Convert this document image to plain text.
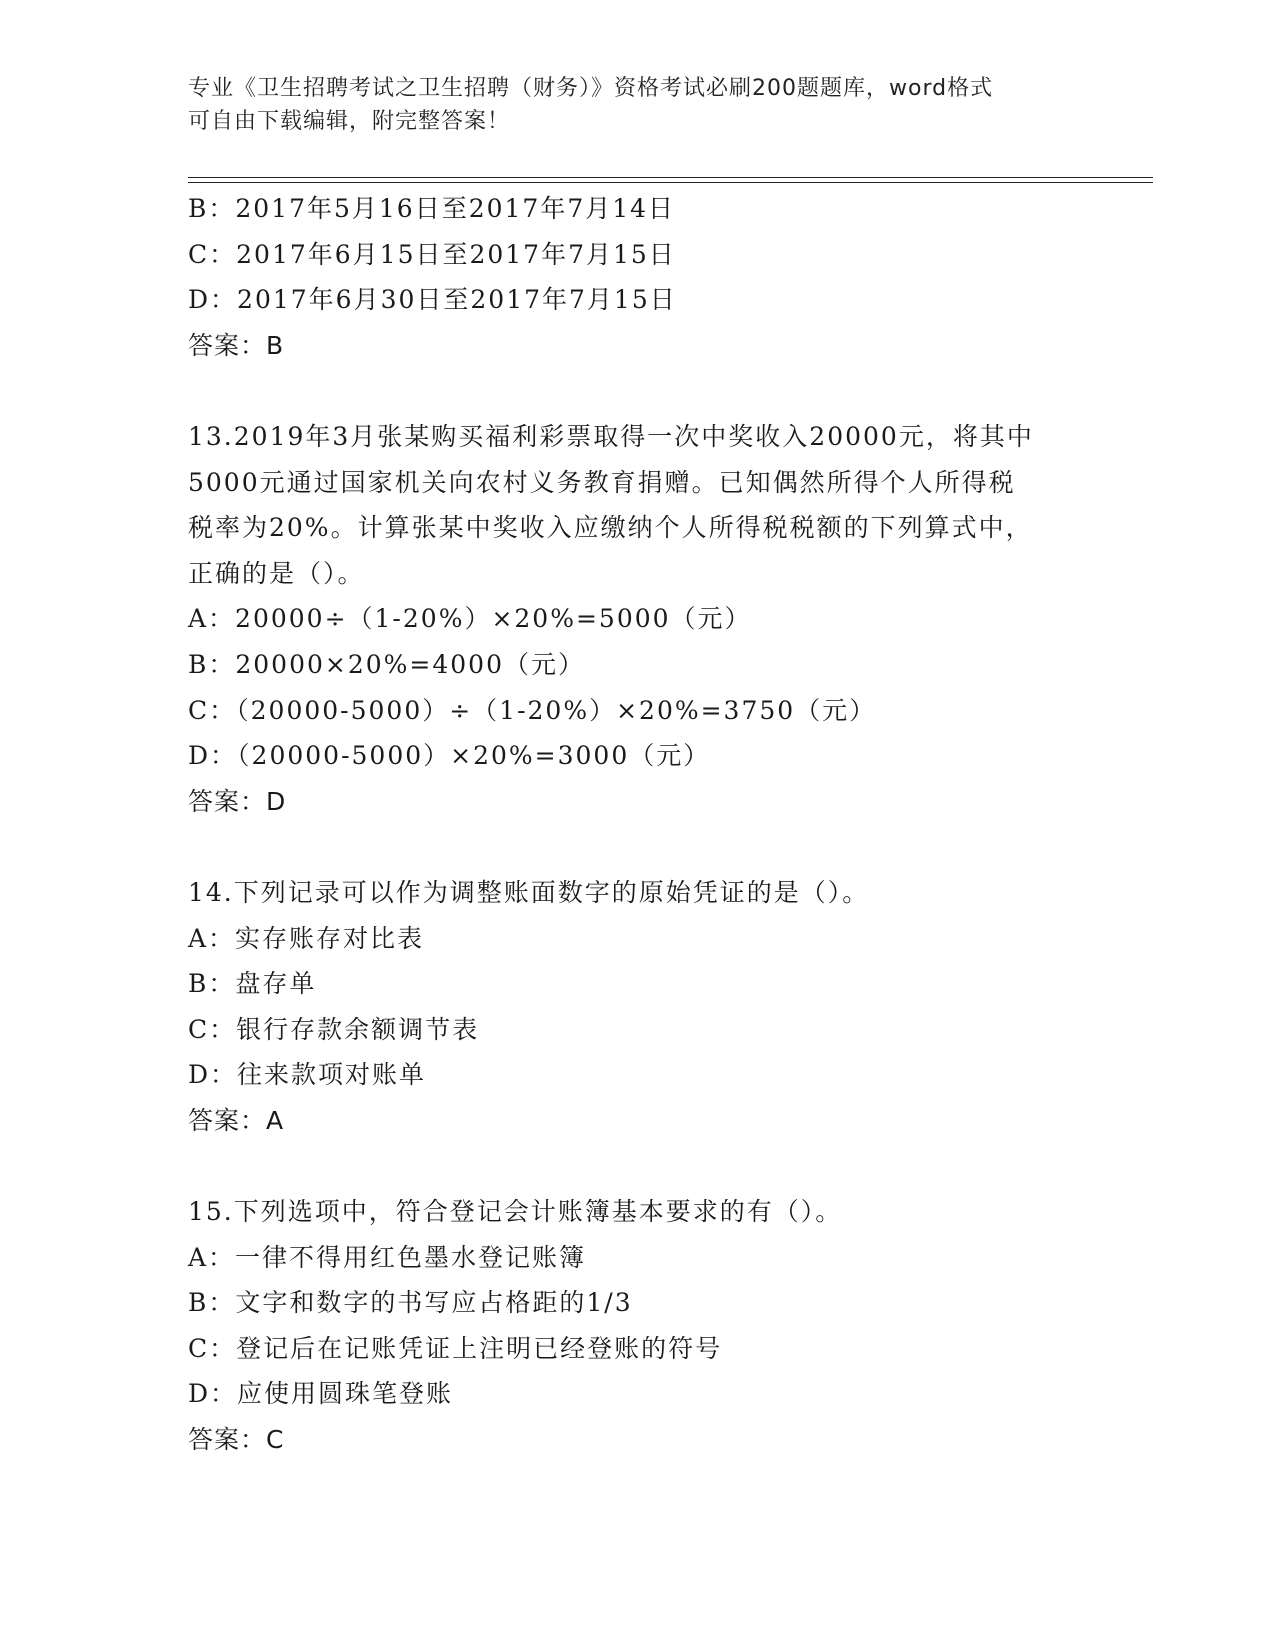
专业《卫生招聘考试之卫生招聘（财务）》资格考试必刷200题题库，word格式
可自由下载编辑，附完整答案！
B：2017年5月16日至2017年7月14日
C：2017年6月15日至2017年7月15日
D：2017年6月30日至2017年7月15日
答案：B
13.2019年3月张某购买福利彩票取得一次中奖收入20000元，将其中
5000元通过国家机关向农村义务教育捐赠。已知偶然所得个人所得税
税率为20%。计算张某中奖收入应缴纳个人所得税税额的下列算式中，
正确的是（）。
A：20000÷（1-20%）×20%=5000（元）
B：20000×20%=4000（元）
C：（20000-5000）÷（1-20%）×20%=3750（元）
D：（20000-5000）×20%=3000（元）
答案：D
14.下列记录可以作为调整账面数字的原始凭证的是（）。
A：实存账存对比表
B：盘存单
C：银行存款余额调节表
D：往来款项对账单
答案：A
15.下列选项中，符合登记会计账簿基本要求的有（）。
A：一律不得用红色墨水登记账簿
B：文字和数字的书写应占格距的1/3
C：登记后在记账凭证上注明已经登账的符号
D：应使用圆珠笔登账
答案：C
